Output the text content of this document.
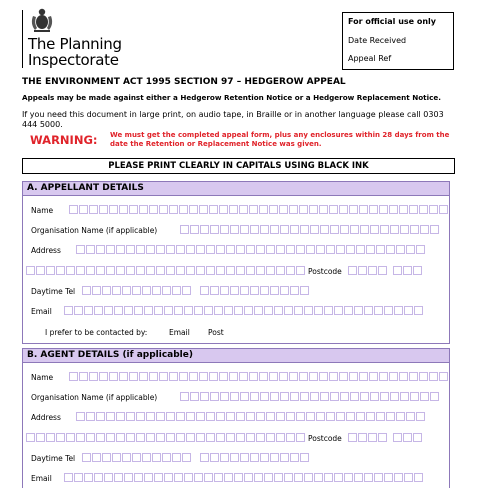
The Planning
Inspectorate
For official use only
Date Received
Appeal Ref
THE ENVIRONMENT ACT 1995 SECTION 97 – HEDGEROW APPEAL
Appeals may be made against either a Hedgerow Retention Notice or a Hedgerow Replacement Notice.
If you need this document in large print, on audio tape, in Braille or in another language please call 0303 444 5000.
WARNING: We must get the completed appeal form, plus any enclosures within 28 days from the date the Retention or Replacement Notice was given.
PLEASE PRINT CLEARLY IN CAPITALS USING BLACK INK
A. APPELLANT DETAILS
Name
Organisation Name (if applicable)
Address
Postcode
Daytime Tel
Email
I prefer to be contacted by:	Email Post
B. AGENT DETAILS (if applicable)
Name
Organisation Name (if applicable)
Address
Postcode
Daytime Tel
Email
